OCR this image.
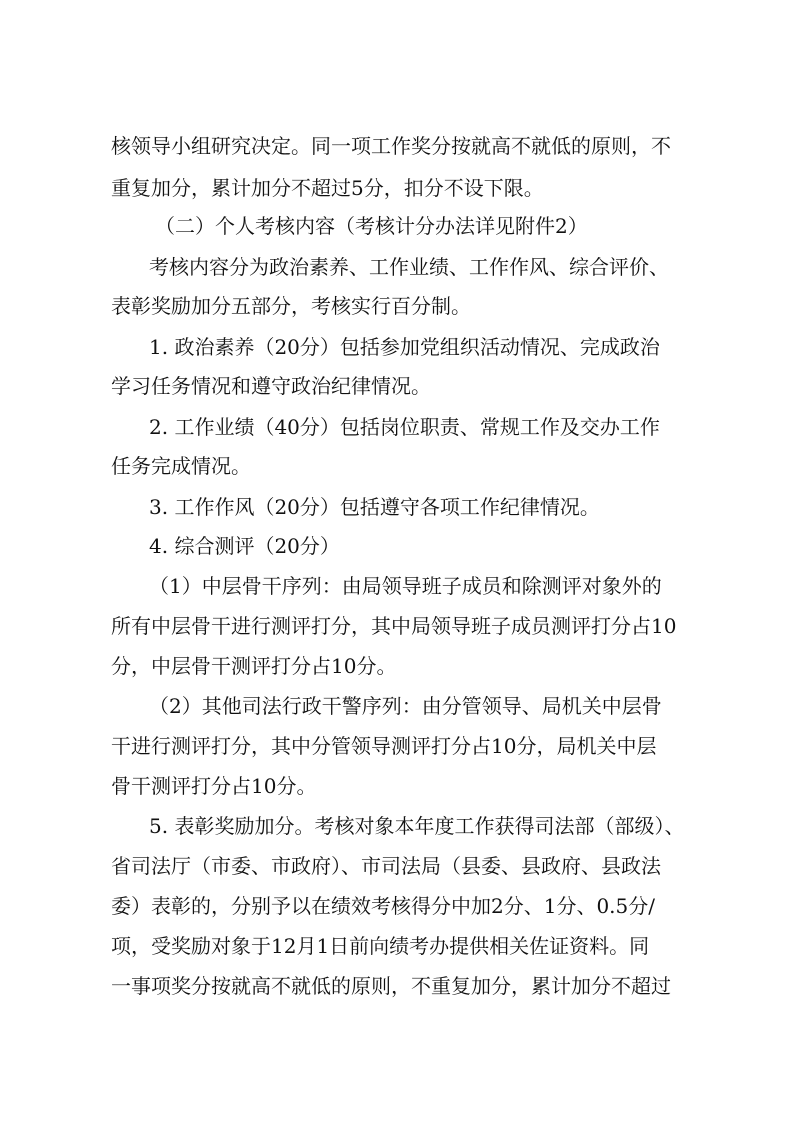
核领导小组研究决定。同一项工作奖分按就高不就低的原则，不
重复加分，累计加分不超过5分，扣分不设下限。
（二）个人考核内容（考核计分办法详见附件2）
考核内容分为政治素养、工作业绩、工作作风、综合评价、
表彰奖励加分五部分，考核实行百分制。
1. 政治素养（20分）包括参加党组织活动情况、完成政治
学习任务情况和遵守政治纪律情况。
2. 工作业绩（40分）包括岗位职责、常规工作及交办工作
任务完成情况。
3. 工作作风（20分）包括遵守各项工作纪律情况。
4. 综合测评（20分）
（1）中层骨干序列：由局领导班子成员和除测评对象外的
所有中层骨干进行测评打分，其中局领导班子成员测评打分占10
分，中层骨干测评打分占10分。
（2）其他司法行政干警序列：由分管领导、局机关中层骨
干进行测评打分，其中分管领导测评打分占10分，局机关中层
骨干测评打分占10分。
5. 表彰奖励加分。考核对象本年度工作获得司法部（部级）、
省司法厅（市委、市政府）、市司法局（县委、县政府、县政法
委）表彰的，分别予以在绩效考核得分中加2分、1分、0.5分/
项，受奖励对象于12月1日前向绩考办提供相关佐证资料。同
一事项奖分按就高不就低的原则，不重复加分，累计加分不超过
